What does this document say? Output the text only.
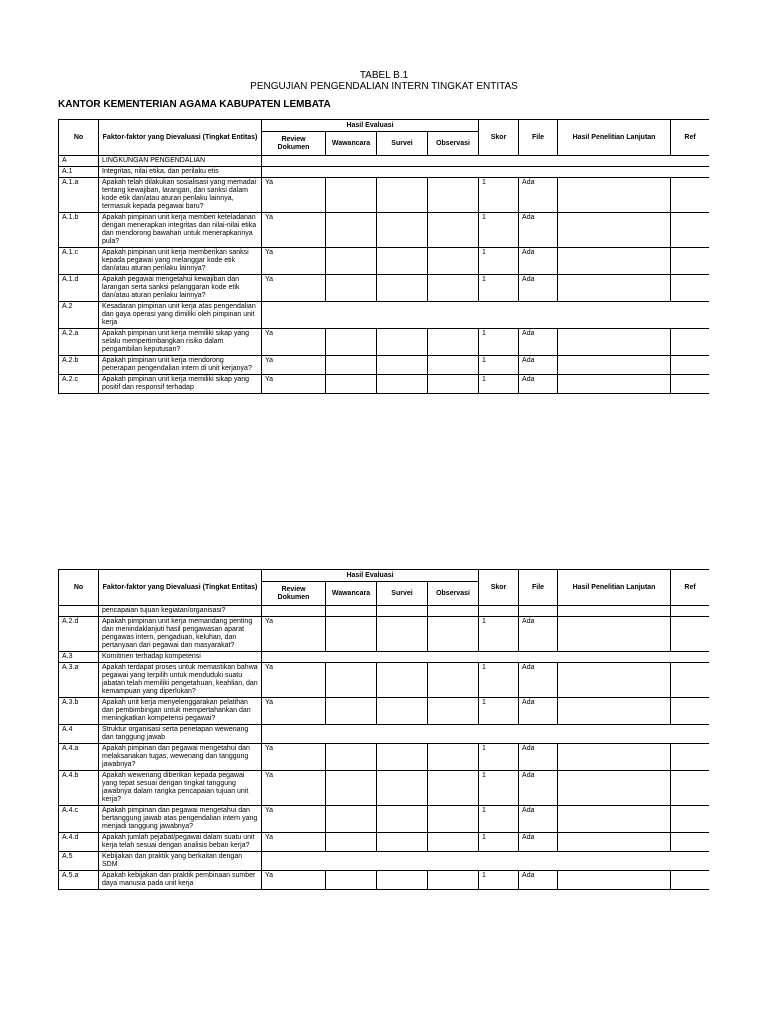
TABEL B.1
PENGUJIAN PENGENDALIAN INTERN TINGKAT ENTITAS
KANTOR KEMENTERIAN AGAMA KABUPATEN LEMBATA
No	Faktor-faktor yang Dievaluasi (Tingkat Entitas)	Hasil Evaluasi				Skor	File	Hasil Penelitian Lanjutan	Ref
		Review Dokumen	Wawancara	Survei	Observasi				
A	LINGKUNGAN PENGENDALIAN								
A.1	Integritas, nilai etika, dan perilaku etis								
A.1.a	Apakah telah dilakukan sosialisasi yang memadai tentang kewajiban, larangan, dan sanksi dalam kode etik dan/atau aturan perilaku lainnya, termasuk kepada pegawai baru?	Ya				1	Ada		
A.1.b	Apakah pimpinan unit kerja memberi keteladanan dengan menerapkan integritas dan nilai-nilai etika dan mendorong bawahan untuk menerapkannya pula?	Ya				1	Ada		
A.1.c	Apakah pimpinan unit kerja memberikan sanksi kepada pegawai yang melanggar kode etik dan/atau aturan perilaku lainnya?	Ya				1	Ada		
A.1.d	Apakah pegawai mengetahui kewajiban dan larangan serta sanksi pelanggaran kode etik dan/atau aturan perilaku lainnya?	Ya				1	Ada		
A.2	Kesadaran pimpinan unit kerja atas pengendalian dan gaya operasi yang dimiliki oleh pimpinan unit kerja								
A.2.a	Apakah pimpinan unit kerja memiliki sikap yang selalu mempertimbangkan risiko dalam pengambilan keputusan?	Ya				1	Ada		
A.2.b	Apakah pimpinan unit kerja mendorong penerapan pengendalian intern di unit kerjanya?	Ya				1	Ada		
A.2.c	Apakah pimpinan unit kerja memiliki sikap yang positif dan responsif terhadap	Ya				1	Ada		
No	Faktor-faktor yang Dievaluasi (Tingkat Entitas)	Hasil Evaluasi				Skor	File	Hasil Penelitian Lanjutan	Ref
		Review Dokumen	Wawancara	Survei	Observasi				
	pencapaian tujuan kegiatan/organisasi?								
A.2.d	Apakah pimpinan unit kerja memandang penting dan menindaklanjuti hasil pengawasan aparat pengawas intern, pengaduan, keluhan, dan pertanyaan dari pegawai dan masyarakat?	Ya				1	Ada		
A.3	Komitmen terhadap kompetensi								
A.3.a	Apakah terdapat proses untuk memastikan bahwa pegawai yang terpilih untuk menduduki suatu jabatan telah memiliki pengetahuan, keahlian, dan kemampuan yang diperlukan?	Ya				1	Ada		
A.3.b	Apakah unit kerja menyelenggarakan pelatihan dan pembimbingan untuk mempertahankan dan meningkatkan kompetensi pegawai?	Ya				1	Ada		
A.4	Struktur organisasi serta penetapan wewenang dan tanggung jawab								
A.4.a	Apakah pimpinan dan pegawai mengetahui dan melaksanakan tugas, wewenang dan tanggung jawabnya?	Ya				1	Ada		
A.4.b	Apakah wewenang diberikan kepada pegawai yang tepat sesuai dengan tingkat tanggung jawabnya dalam rangka pencapaian tujuan unit kerja?	Ya				1	Ada		
A.4.c	Apakah pimpinan dan pegawai mengetahui dan bertanggung jawab atas pengendalian intern yang menjadi tanggung jawabnya?	Ya				1	Ada		
A.4.d	Apakah jumlah pejabat/pegawai dalam suatu unit kerja telah sesuai dengan analisis beban kerja?	Ya				1	Ada		
A.5	Kebijakan dan praktik yang berkaitan dengan SDM								
A.5.a	Apakah kebijakan dan praktik pembinaan sumber daya manusia pada unit kerja	Ya				1	Ada		
